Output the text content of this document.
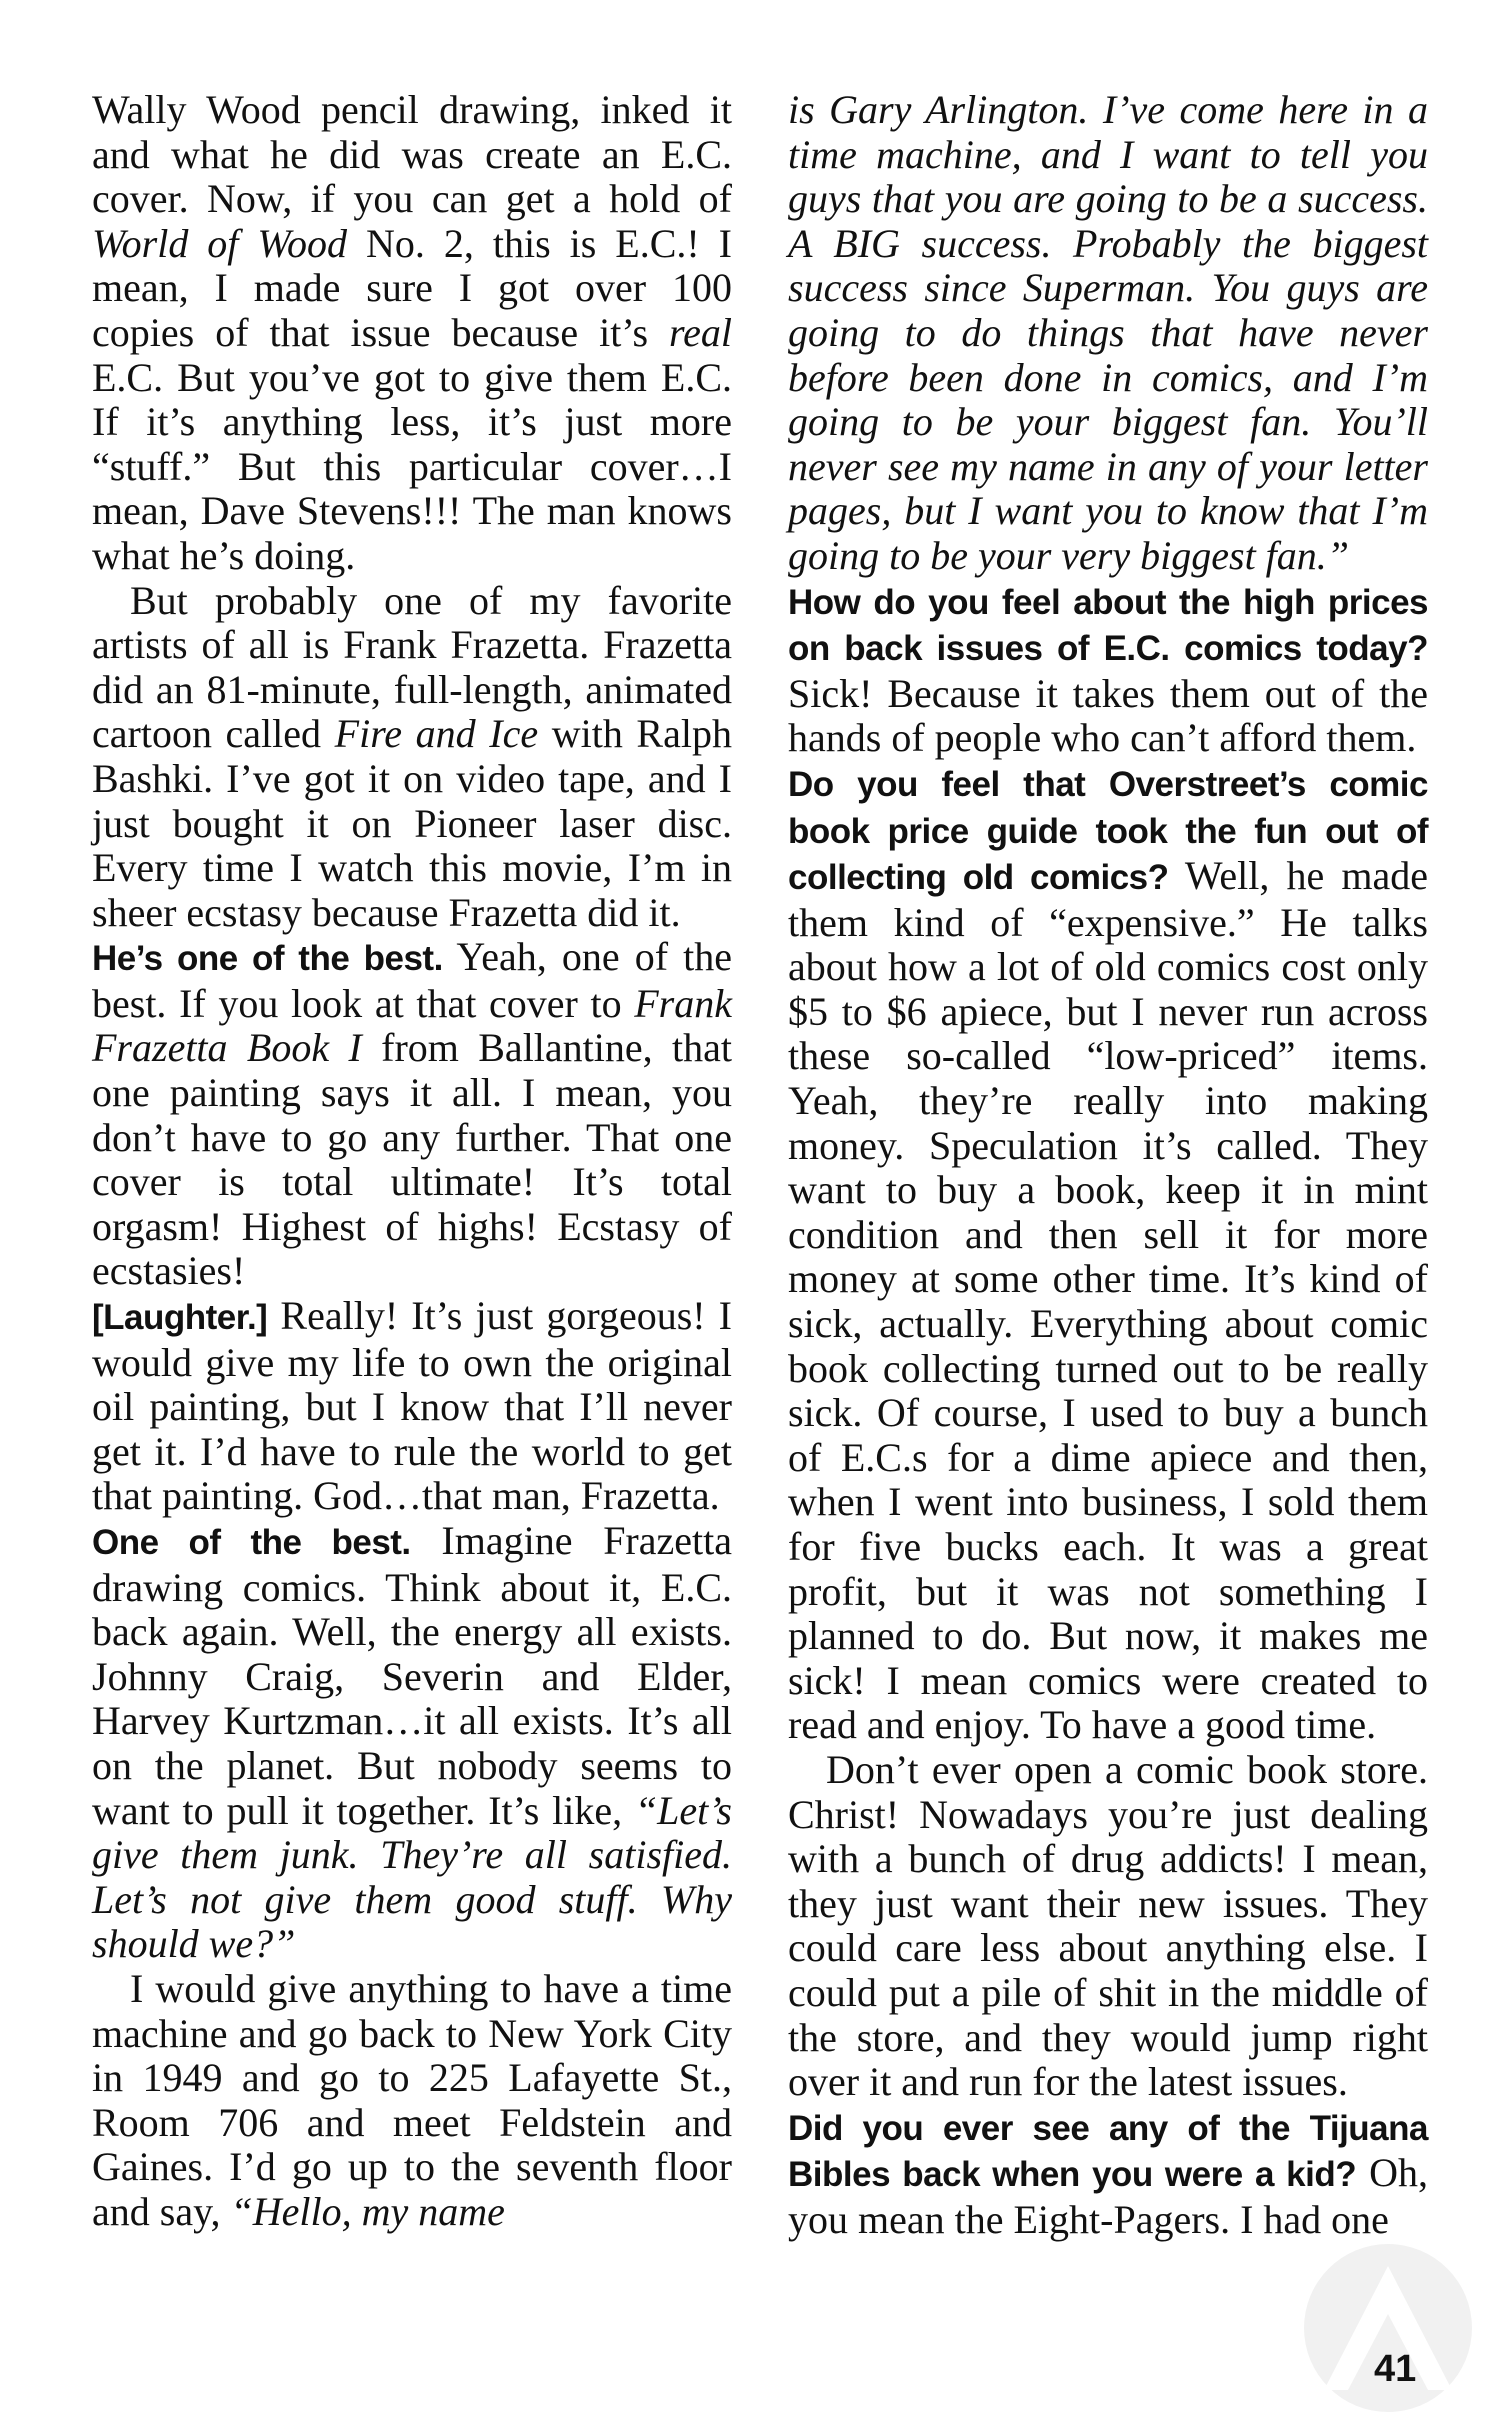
Wally Wood pencil drawing, inked it and what he did was create an E.C. cover. Now, if you can get a hold of World of Wood No. 2, this is E.C.! I mean, I made sure I got over 100 copies of that issue because it’s real E.C. But you’ve got to give them E.C. If it’s anything less, it’s just more “stuff.” But this particular cover…I mean, Dave Stevens!!! The man knows what he’s doing.

But probably one of my favorite artists of all is Frank Frazetta. Frazetta did an 81-minute, full-length, animated cartoon called Fire and Ice with Ralph Bashki. I’ve got it on video tape, and I just bought it on Pioneer laser disc. Every time I watch this movie, I’m in sheer ecstasy because Frazetta did it.

He’s one of the best. Yeah, one of the best. If you look at that cover to Frank Frazetta Book I from Ballantine, that one painting says it all. I mean, you don’t have to go any further. That one cover is total ultimate! It’s total orgasm! Highest of highs! Ecstasy of ecstasies!

[Laughter.] Really! It’s just gorgeous! I would give my life to own the original oil painting, but I know that I’ll never get it. I’d have to rule the world to get that painting. God…that man, Frazetta.

One of the best. Imagine Frazetta drawing comics. Think about it, E.C. back again. Well, the energy all exists. Johnny Craig, Severin and Elder, Harvey Kurtzman…it all exists. It’s all on the planet. But nobody seems to want to pull it together. It’s like, “Let’s give them junk. They’re all satisfied. Let’s not give them good stuff. Why should we?”

I would give anything to have a time machine and go back to New York City in 1949 and go to 225 Lafayette St., Room 706 and meet Feldstein and Gaines. I’d go up to the seventh floor and say, “Hello, my name

is Gary Arlington. I’ve come here in a time machine, and I want to tell you guys that you are going to be a success. A BIG success. Probably the biggest success since Superman. You guys are going to do things that have never before been done in comics, and I’m going to be your biggest fan. You’ll never see my name in any of your letter pages, but I want you to know that I’m going to be your very biggest fan.”

How do you feel about the high prices on back issues of E.C. comics today? Sick! Because it takes them out of the hands of people who can’t afford them.

Do you feel that Overstreet’s comic book price guide took the fun out of collecting old comics? Well, he made them kind of “expensive.” He talks about how a lot of old comics cost only $5 to $6 apiece, but I never run across these so-called “low-priced” items. Yeah, they’re really into making money. Speculation it’s called. They want to buy a book, keep it in mint condition and then sell it for more money at some other time. It’s kind of sick, actually. Everything about comic book collecting turned out to be really sick. Of course, I used to buy a bunch of E.C.s for a dime apiece and then, when I went into business, I sold them for five bucks each. It was a great profit, but it was not something I planned to do. But now, it makes me sick! I mean comics were created to read and enjoy. To have a good time.

Don’t ever open a comic book store. Christ! Nowadays you’re just dealing with a bunch of drug addicts! I mean, they just want their new issues. They could care less about anything else. I could put a pile of shit in the middle of the store, and they would jump right over it and run for the latest issues.

Did you ever see any of the Tijuana Bibles back when you were a kid? Oh, you mean the Eight-Pagers. I had one

41
